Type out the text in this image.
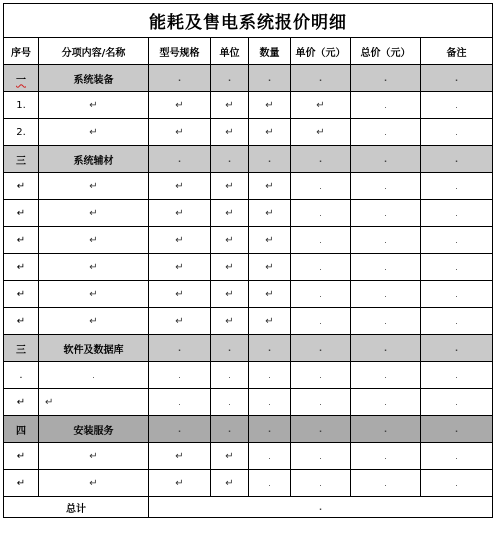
能耗及售电系统报价明细							
序号	分项内容/名称	型号规格	单位	数量	单价（元）	总价（元）	备注
一	系统装备	.	.	.	.	.	.
1.	↵	↵	↵	↵	↵	.	.
2.	↵	↵	↵	↵	↵	.	.
三	系统辅材	.	.	.	.	.	.
↵	↵	↵	↵	↵	.	.	.
↵	↵	↵	↵	↵	.	.	.
↵	↵	↵	↵	↵	.	.	.
↵	↵	↵	↵	↵	.	.	.
↵	↵	↵	↵	↵	.	.	.
↵	↵	↵	↵	↵	.	.	.
三	软件及数据库	.	.	.	.	.	.
.	.	.	.	.	.	.	.
↵	↵	.	.	.	.	.	.
四	安装服务	.	.	.	.	.	.
↵	↵	↵	↵	.	.	.	.
↵	↵	↵	↵	.	.	.	.
总计		.					
